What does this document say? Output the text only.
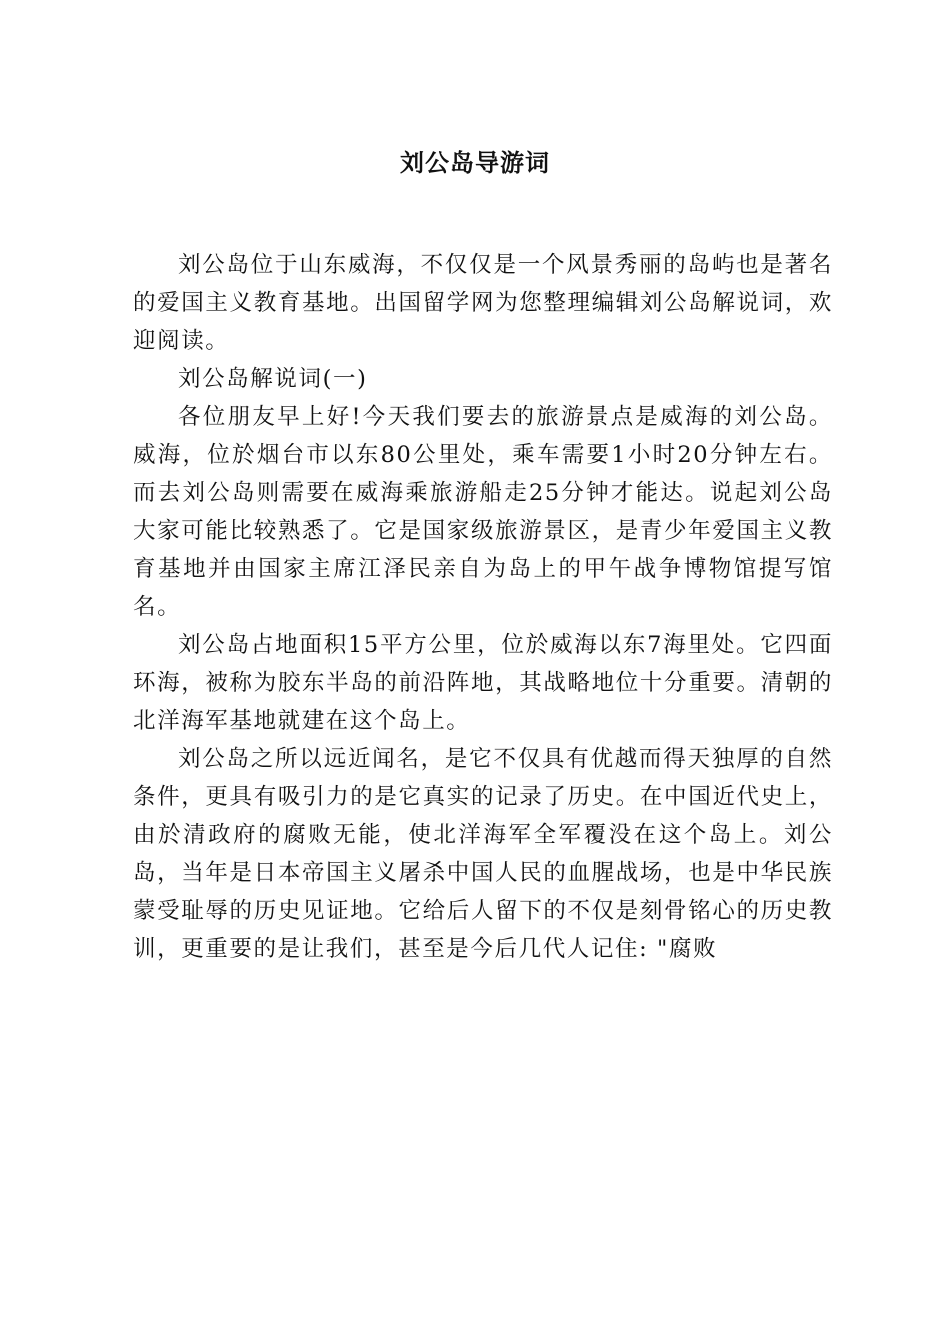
刘公岛导游词

刘公岛位于山东威海，不仅仅是一个风景秀丽的岛屿也是著名的爱国主义教育基地。出国留学网为您整理编辑刘公岛解说词，欢迎阅读。

刘公岛解说词(一)

各位朋友早上好!今天我们要去的旅游景点是威海的刘公岛。威海，位於烟台市以东80公里处，乘车需要1小时20分钟左右。而去刘公岛则需要在威海乘旅游船走25分钟才能达。说起刘公岛大家可能比较熟悉了。它是国家级旅游景区，是青少年爱国主义教育基地并由国家主席江泽民亲自为岛上的甲午战争博物馆提写馆名。

刘公岛占地面积15平方公里，位於威海以东7海里处。它四面环海，被称为胶东半岛的前沿阵地，其战略地位十分重要。清朝的北洋海军基地就建在这个岛上。

刘公岛之所以远近闻名，是它不仅具有优越而得天独厚的自然条件，更具有吸引力的是它真实的记录了历史。在中国近代史上，由於清政府的腐败无能，使北洋海军全军覆没在这个岛上。刘公岛，当年是日本帝国主义屠杀中国人民的血腥战场，也是中华民族蒙受耻辱的历史见证地。它给后人留下的不仅是刻骨铭心的历史教训，更重要的是让我们，甚至是今后几代人记住: "腐败
